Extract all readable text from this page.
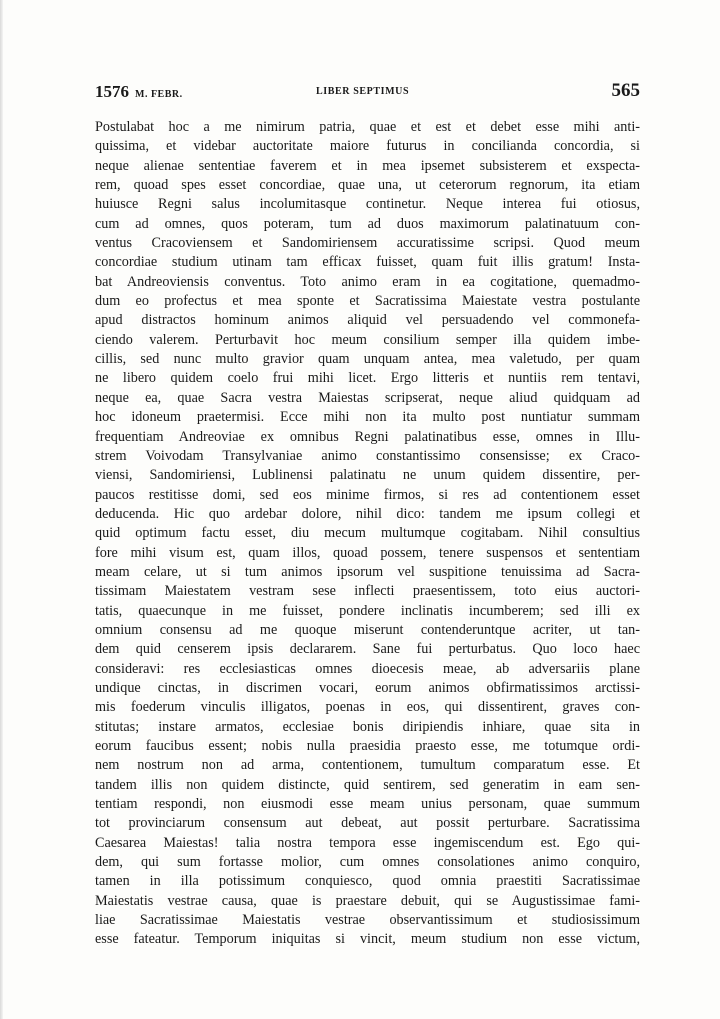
1576 M. FEBR.	LIBER SEPTIMUS	565
Postulabat hoc a me nimirum patria, quae et est et debet esse mihi anti-
quissima, et videbar auctoritate maiore futurus in concilianda concordia, si
neque alienae sententiae faverem et in mea ipsemet subsisterem et exspecta-
rem, quoad spes esset concordiae, quae una, ut ceterorum regnorum, ita etiam
huiusce Regni salus incolumitasque continetur. Neque interea fui otiosus,
cum ad omnes, quos poteram, tum ad duos maximorum palatinatuum con-
ventus Cracoviensem et Sandomiriensem accuratissime scripsi. Quod meum
concordiae studium utinam tam efficax fuisset, quam fuit illis gratum! Insta-
bat Andreoviensis conventus. Toto animo eram in ea cogitatione, quemadmo-
dum eo profectus et mea sponte et Sacratissima Maiestate vestra postulante
apud distractos hominum animos aliquid vel persuadendo vel commonefa-
ciendo valerem. Perturbavit hoc meum consilium semper illa quidem imbe-
cillis, sed nunc multo gravior quam unquam antea, mea valetudo, per quam
ne libero quidem coelo frui mihi licet. Ergo litteris et nuntiis rem tentavi,
neque ea, quae Sacra vestra Maiestas scripserat, neque aliud quidquam ad
hoc idoneum praetermisi. Ecce mihi non ita multo post nuntiatur summam
frequentiam Andreoviae ex omnibus Regni palatinatibus esse, omnes in Illu-
strem Voivodam Transylvaniae animo constantissimo consensisse; ex Craco-
viensi, Sandomiriensi, Lublinensi palatinatu ne unum quidem dissentire, per-
paucos restitisse domi, sed eos minime firmos, si res ad contentionem esset
deducenda. Hic quo ardebar dolore, nihil dico: tandem me ipsum collegi et
quid optimum factu esset, diu mecum multumque cogitabam. Nihil consultius
fore mihi visum est, quam illos, quoad possem, tenere suspensos et sententiam
meam celare, ut si tum animos ipsorum vel suspitione tenuissima ad Sacra-
tissimam Maiestatem vestram sese inflecti praesentissem, toto eius auctori-
tatis, quaecunque in me fuisset, pondere inclinatis incumberem; sed illi ex
omnium consensu ad me quoque miserunt contenderuntque acriter, ut tan-
dem quid censerem ipsis declararem. Sane fui perturbatus. Quo loco haec
consideravi: res ecclesiasticas omnes dioecesis meae, ab adversariis plane
undique cinctas, in discrimen vocari, eorum animos obfirmatissimos arctissi-
mis foederum vinculis illigatos, poenas in eos, qui dissentirent, graves con-
stitutas; instare armatos, ecclesiae bonis diripiendis inhiare, quae sita in
eorum faucibus essent; nobis nulla praesidia praesto esse, me totumque ordi-
nem nostrum non ad arma, contentionem, tumultum comparatum esse. Et
tandem illis non quidem distincte, quid sentirem, sed generatim in eam sen-
tentiam respondi, non eiusmodi esse meam unius personam, quae summum
tot provinciarum consensum aut debeat, aut possit perturbare. Sacratissima
Caesarea Maiestas! talia nostra tempora esse ingemiscendum est. Ego qui-
dem, qui sum fortasse molior, cum omnes consolationes animo conquiro,
tamen in illa potissimum conquiesco, quod omnia praestiti Sacratissimae
Maiestatis vestrae causa, quae is praestare debuit, qui se Augustissimae fami-
liae Sacratissimae Maiestatis vestrae observantissimum et studiosissimum
esse fateatur. Temporum iniquitas si vincit, meum studium non esse victum,
